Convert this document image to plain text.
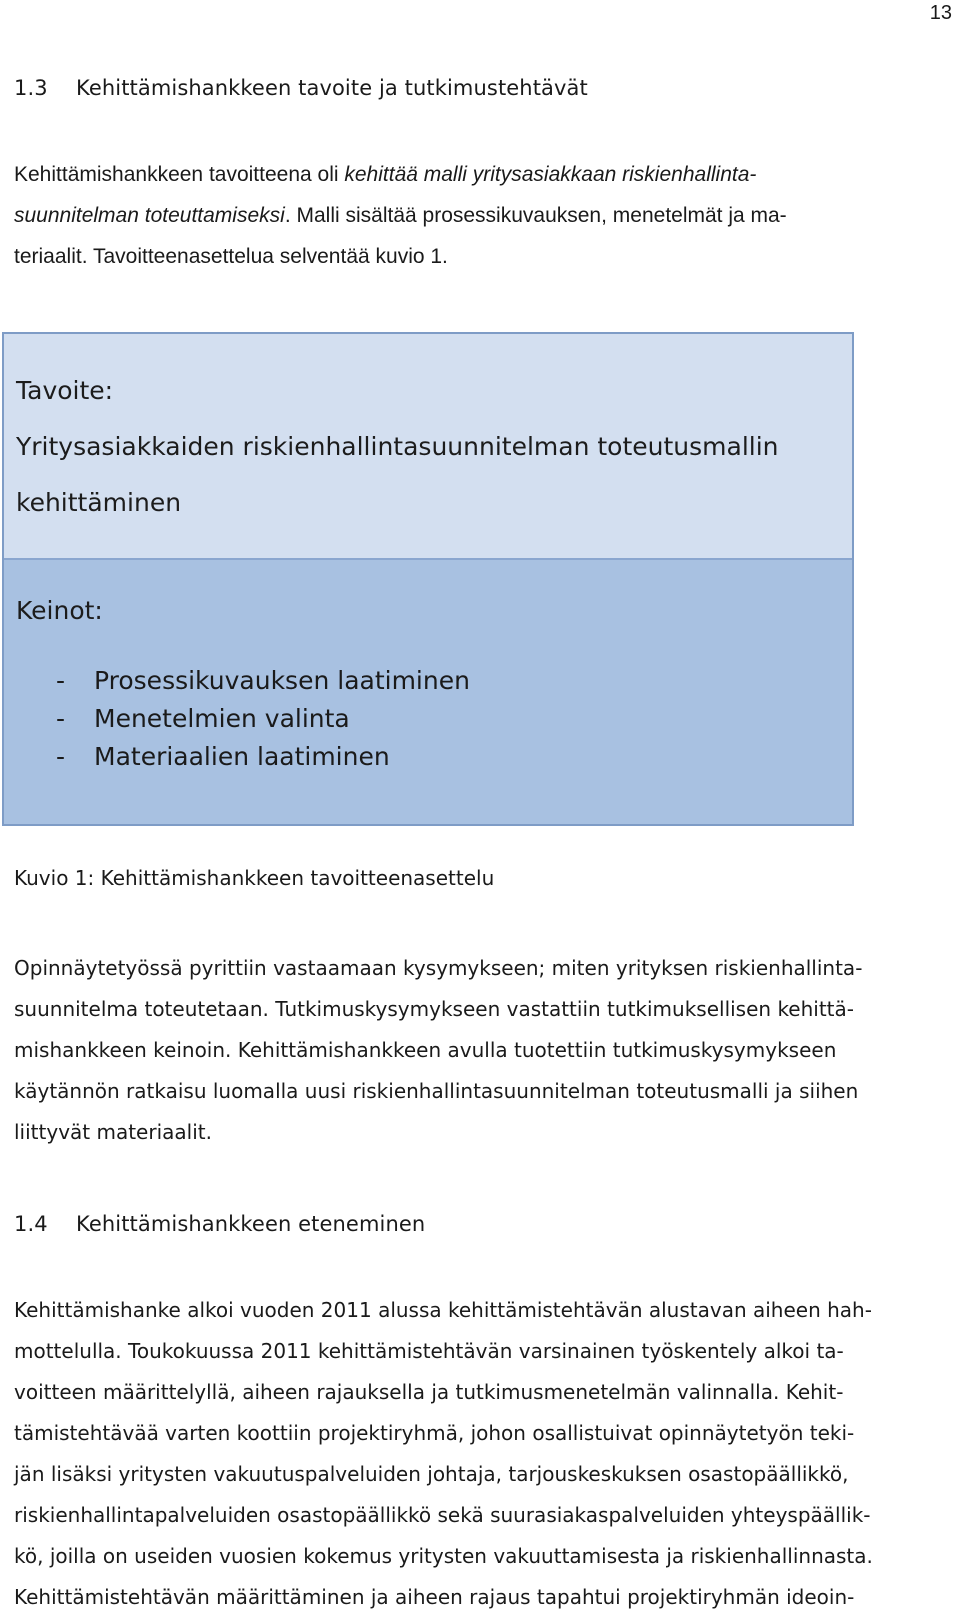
13
1.3 Kehittämishankkeen tavoite ja tutkimustehtävät
Kehittämishankkeen tavoitteena oli kehittää malli yritysasiakkaan riskienhallinta-
suunnitelman toteuttamiseksi. Malli sisältää prosessikuvauksen, menetelmät ja ma-
teriaalit. Tavoitteenasettelua selventää kuvio 1.
Tavoite:
Yritysasiakkaiden riskienhallintasuunnitelman toteutusmallin
kehittäminen
Keinot:
- Prosessikuvauksen laatiminen
- Menetelmien valinta
- Materiaalien laatiminen
Kuvio 1: Kehittämishankkeen tavoitteenasettelu
Opinnäytetyössä pyrittiin vastaamaan kysymykseen; miten yrityksen riskienhallinta-
suunnitelma toteutetaan. Tutkimuskysymykseen vastattiin tutkimuksellisen kehittä-
mishankkeen keinoin. Kehittämishankkeen avulla tuotettiin tutkimuskysymykseen
käytännön ratkaisu luomalla uusi riskienhallintasuunnitelman toteutusmalli ja siihen
liittyvät materiaalit.
1.4 Kehittämishankkeen eteneminen
Kehittämishanke alkoi vuoden 2011 alussa kehittämistehtävän alustavan aiheen hah-
mottelulla. Toukokuussa 2011 kehittämistehtävän varsinainen työskentely alkoi ta-
voitteen määrittelyllä, aiheen rajauksella ja tutkimusmenetelmän valinnalla. Kehit-
tämistehtävää varten koottiin projektiryhmä, johon osallistuivat opinnäytetyön teki-
jän lisäksi yritysten vakuutuspalveluiden johtaja, tarjouskeskuksen osastopäällikkö,
riskienhallintapalveluiden osastopäällikkö sekä suurasiakaspalveluiden yhteyspäällik-
kö, joilla on useiden vuosien kokemus yritysten vakuuttamisesta ja riskienhallinnasta.
Kehittämistehtävän määrittäminen ja aiheen rajaus tapahtui projektiryhmän ideoin-
